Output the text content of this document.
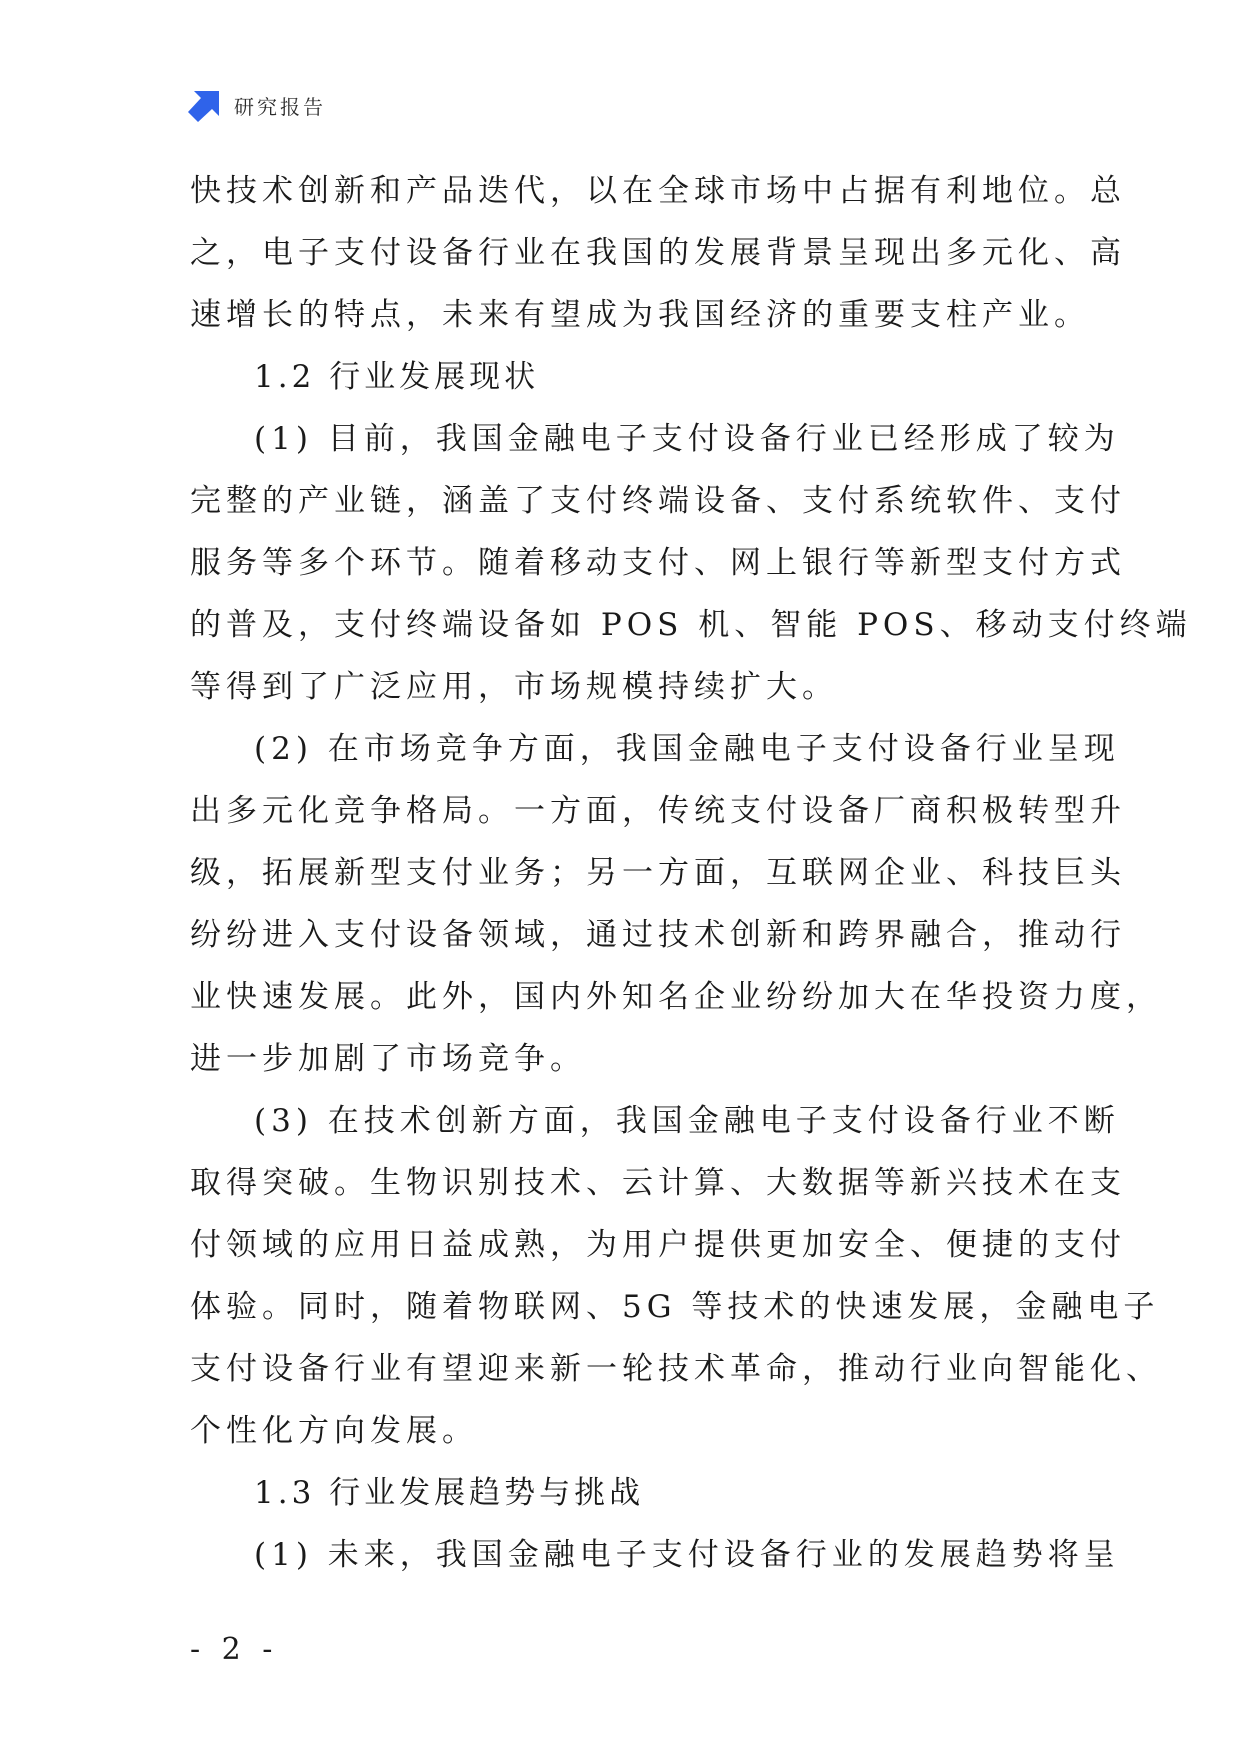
研究报告
快技术创新和产品迭代，以在全球市场中占据有利地位。总
之，电子支付设备行业在我国的发展背景呈现出多元化、高
速增长的特点，未来有望成为我国经济的重要支柱产业。
1.2 行业发展现状
(1) 目前，我国金融电子支付设备行业已经形成了较为
完整的产业链，涵盖了支付终端设备、支付系统软件、支付
服务等多个环节。随着移动支付、网上银行等新型支付方式
的普及，支付终端设备如 POS 机、智能 POS、移动支付终端
等得到了广泛应用，市场规模持续扩大。
(2) 在市场竞争方面，我国金融电子支付设备行业呈现
出多元化竞争格局。一方面，传统支付设备厂商积极转型升
级，拓展新型支付业务；另一方面，互联网企业、科技巨头
纷纷进入支付设备领域，通过技术创新和跨界融合，推动行
业快速发展。此外，国内外知名企业纷纷加大在华投资力度，
进一步加剧了市场竞争。
(3) 在技术创新方面，我国金融电子支付设备行业不断
取得突破。生物识别技术、云计算、大数据等新兴技术在支
付领域的应用日益成熟，为用户提供更加安全、便捷的支付
体验。同时，随着物联网、5G 等技术的快速发展，金融电子
支付设备行业有望迎来新一轮技术革命，推动行业向智能化、
个性化方向发展。
1.3 行业发展趋势与挑战
(1) 未来，我国金融电子支付设备行业的发展趋势将呈
- 2 -
